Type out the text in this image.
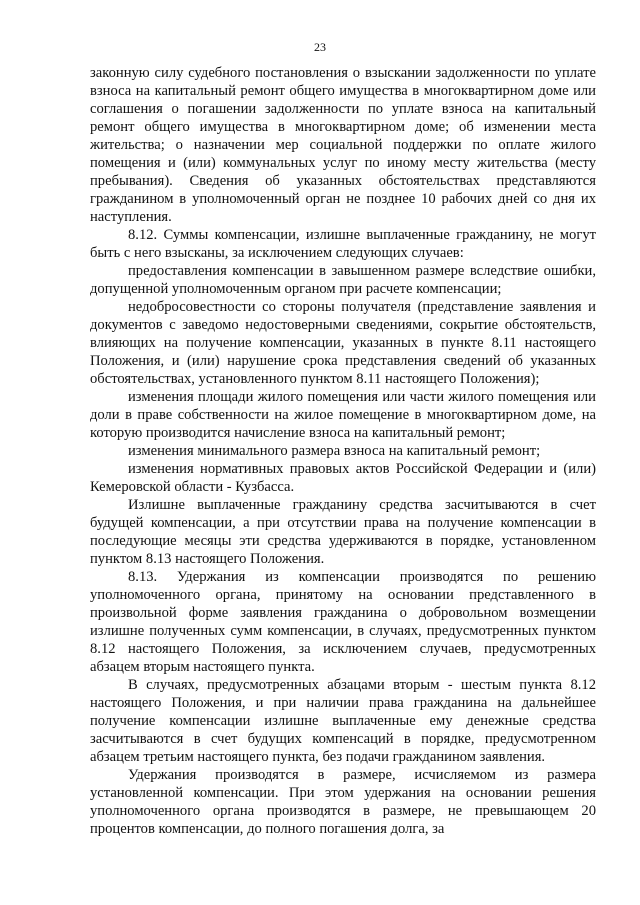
23

законную силу судебного постановления о взыскании задолженности по уплате взноса на капитальный ремонт общего имущества в многоквартирном доме или соглашения о погашении задолженности по уплате взноса на капитальный ремонт общего имущества в многоквартирном доме; об изменении места жительства; о назначении мер социальной поддержки по оплате жилого помещения и (или) коммунальных услуг по иному месту жительства (месту пребывания). Сведения об указанных обстоятельствах представляются гражданином в уполномоченный орган не позднее 10 рабочих дней со дня их наступления.

8.12. Суммы компенсации, излишне выплаченные гражданину, не могут быть с него взысканы, за исключением следующих случаев:

предоставления компенсации в завышенном размере вследствие ошибки, допущенной уполномоченным органом при расчете компенсации;

недобросовестности со стороны получателя (представление заявления и документов с заведомо недостоверными сведениями, сокрытие обстоятельств, влияющих на получение компенсации, указанных в пункте 8.11 настоящего Положения, и (или) нарушение срока представления сведений об указанных обстоятельствах, установленного пунктом 8.11 настоящего Положения);

изменения площади жилого помещения или части жилого помещения или доли в праве собственности на жилое помещение в многоквартирном доме, на которую производится начисление взноса на капитальный ремонт;

изменения минимального размера взноса на капитальный ремонт;

изменения нормативных правовых актов Российской Федерации и (или) Кемеровской области - Кузбасса.

Излишне выплаченные гражданину средства засчитываются в счет будущей компенсации, а при отсутствии права на получение компенсации в последующие месяцы эти средства удерживаются в порядке, установленном пунктом 8.13 настоящего Положения.

8.13. Удержания из компенсации производятся по решению уполномоченного органа, принятому на основании представленного в произвольной форме заявления гражданина о добровольном возмещении излишне полученных сумм компенсации, в случаях, предусмотренных пунктом 8.12 настоящего Положения, за исключением случаев, предусмотренных абзацем вторым настоящего пункта.

В случаях, предусмотренных абзацами вторым - шестым пункта 8.12 настоящего Положения, и при наличии права гражданина на дальнейшее получение компенсации излишне выплаченные ему денежные средства засчитываются в счет будущих компенсаций в порядке, предусмотренном абзацем третьим настоящего пункта, без подачи гражданином заявления.

Удержания производятся в размере, исчисляемом из размера установленной компенсации. При этом удержания на основании решения уполномоченного органа производятся в размере, не превышающем 20 процентов компенсации, до полного погашения долга, за
